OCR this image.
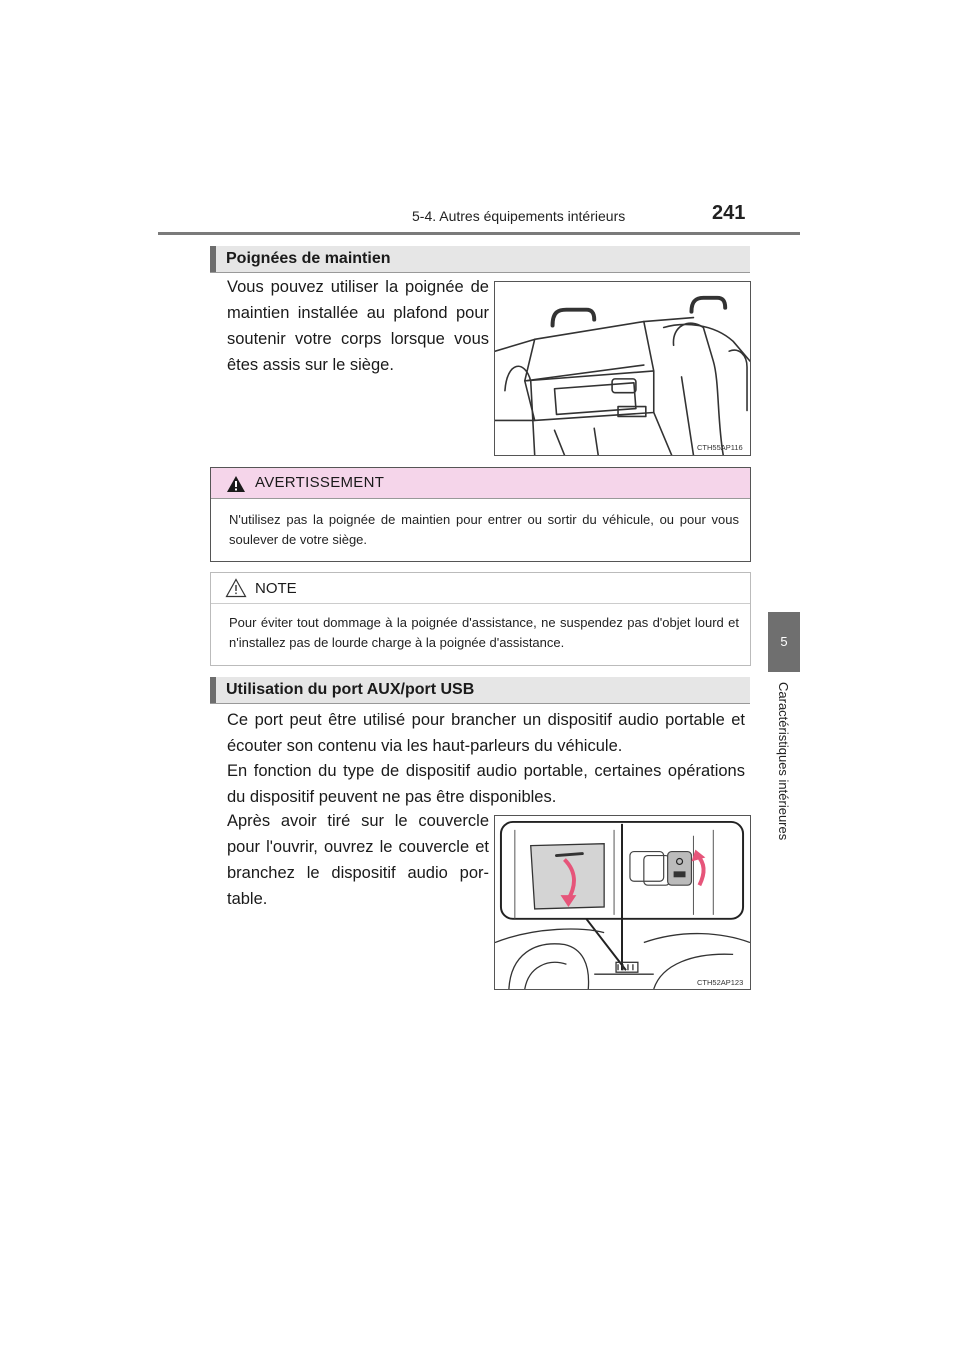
5-4. Autres équipements intérieurs	241
5
Caractéristiques intérieures
Poignées de maintien
Vous pouvez utiliser la poignée de maintien installée au plafond pour soutenir votre corps lorsque vous êtes assis sur le siège.
CTH55AP116
AVERTISSEMENT
N'utilisez pas la poignée de maintien pour entrer ou sortir du véhicule, ou pour vous soulever de votre siège.
NOTE
Pour éviter tout dommage à la poignée d'assistance, ne suspendez pas d'objet lourd et n'installez pas de lourde charge à la poignée d'assistance.
Utilisation du port AUX/port USB
Ce port peut être utilisé pour brancher un dispositif audio portable et écouter son contenu via les haut-parleurs du véhicule.
En fonction du type de dispositif audio portable, certaines opérations du dispositif peuvent ne pas être disponibles.
Après avoir tiré sur le couvercle pour l'ouvrir, ouvrez le couvercle et branchez le dispositif audio por-table.
CTH52AP123
